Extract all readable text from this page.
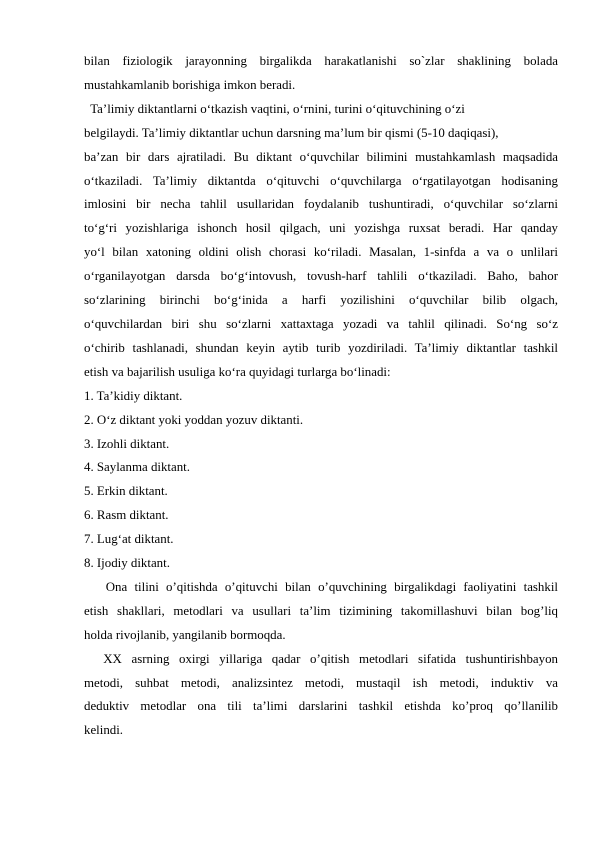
bilan fiziologik jarayonning birgalikda harakatlanishi so`zlar shaklining bolada
mustahkamlanib borishiga imkon beradi.
Ta’limiy diktantlarni o‘tkazish vaqtini, o‘rnini, turini o‘qituvchining o‘zi
belgilaydi. Ta’limiy diktantlar uchun darsning ma’lum bir qismi (5-10 daqiqasi),
ba’zan bir dars ajratiladi. Bu diktant o‘quvchilar bilimini mustahkamlash maqsadida
o‘tkaziladi. Ta’limiy diktantda o‘qituvchi o‘quvchilarga o‘rgatilayotgan hodisaning
imlosini bir necha tahlil usullaridan foydalanib tushuntiradi, o‘quvchilar so‘zlarni
to‘g‘ri yozishlariga ishonch hosil qilgach, uni yozishga ruxsat beradi. Har qanday
yo‘l bilan xatoning oldini olish chorasi ko‘riladi. Masalan, 1-sinfda a va o unlilari
o‘rganilayotgan darsda bo‘g‘intovush, tovush-harf tahlili o‘tkaziladi. Baho, bahor
so‘zlarining birinchi bo‘g‘inida a harfi yozilishini o‘quvchilar bilib olgach,
o‘quvchilardan biri shu so‘zlarni xattaxtaga yozadi va tahlil qilinadi. So‘ng so‘z
o‘chirib tashlanadi, shundan keyin aytib turib yozdiriladi. Ta’limiy diktantlar tashkil
etish va bajarilish usuliga ko‘ra quyidagi turlarga bo‘linadi:
1. Ta’kidiy diktant.
2. O‘z diktant yoki yoddan yozuv diktanti.
3. Izohli diktant.
4. Saylanma diktant.
5. Erkin diktant.
6. Rasm diktant.
7. Lug‘at diktant.
8. Ijodiy diktant.
Ona tilini o’qitishda o’qituvchi bilan o’quvchining birgalikdagi faoliyatini tashkil
etish shakllari, metodlari va usullari ta’lim tizimining takomillashuvi bilan bog’liq
holda rivojlanib, yangilanib bormoqda.
XX asrning oxirgi yillariga qadar o’qitish metodlari sifatida tushuntirishbayon
metodi, suhbat metodi, analizsintez metodi, mustaqil ish metodi, induktiv va
deduktiv metodlar ona tili ta’limi darslarini tashkil etishda ko’proq qo’llanilib
kelindi.
